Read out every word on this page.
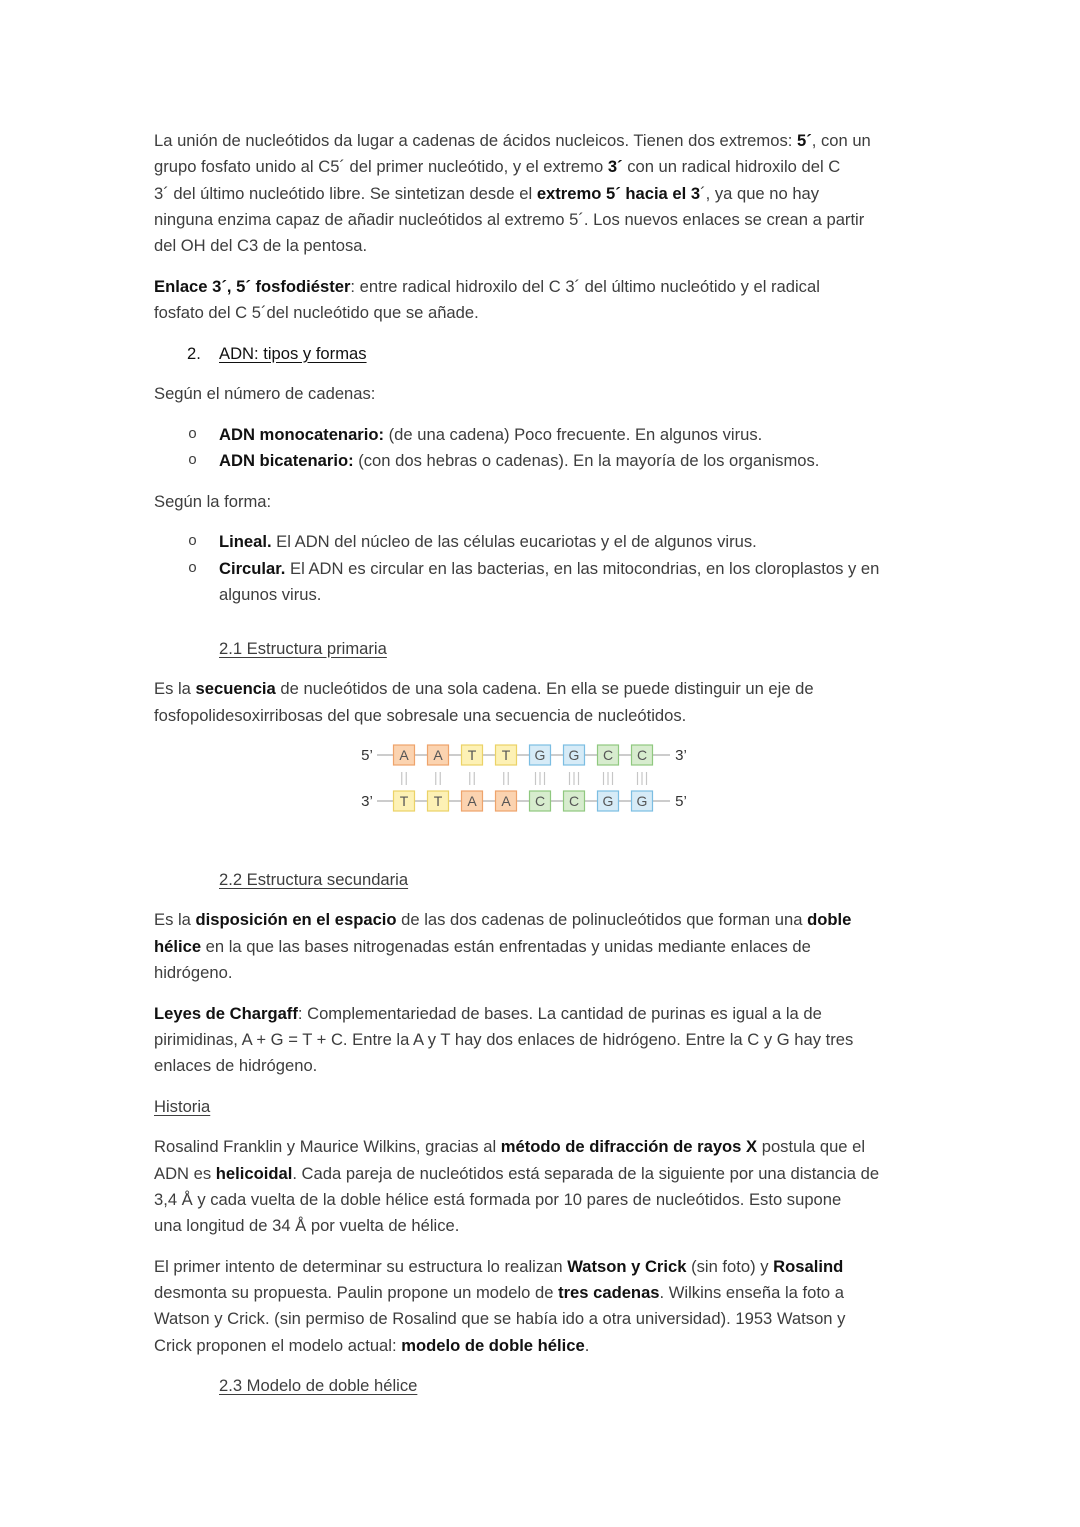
La unión de nucleótidos da lugar a cadenas de ácidos nucleicos. Tienen dos extremos: 5´, con un
grupo fosfato unido al C5´ del primer nucleótido, y el extremo 3´ con un radical hidroxilo del C
3´ del último nucleótido libre. Se sintetizan desde el extremo 5´ hacia el 3´, ya que no hay
ninguna enzima capaz de añadir nucleótidos al extremo 5´. Los nuevos enlaces se crean a partir
del OH del C3 de la pentosa.
Enlace 3´, 5´ fosfodiéster: entre radical hidroxilo del C 3´ del último nucleótido y el radical
fosfato del C 5´del nucleótido que se añade.
2. ADN: tipos y formas
Según el número de cadenas:
o ADN monocatenario: (de una cadena) Poco frecuente. En algunos virus.
o ADN bicatenario: (con dos hebras o cadenas). En la mayoría de los organismos.
Según la forma:
o Lineal. El ADN del núcleo de las células eucariotas y el de algunos virus.
o Circular. El ADN es circular en las bacterias, en las mitocondrias, en los cloroplastos y en
algunos virus.
2.1 Estructura primaria
Es la secuencia de nucleótidos de una sola cadena. En ella se puede distinguir un eje de
fosfopolidesoxirribosas del que sobresale una secuencia de nucleótidos.
5’	3’
A A T T G G C C
3’	5’
T T A A C C G G
2.2 Estructura secundaria
Es la disposición en el espacio de las dos cadenas de polinucleótidos que forman una doble
hélice en la que las bases nitrogenadas están enfrentadas y unidas mediante enlaces de
hidrógeno.
Leyes de Chargaff: Complementariedad de bases. La cantidad de purinas es igual a la de
pirimidinas, A + G = T + C. Entre la A y T hay dos enlaces de hidrógeno. Entre la C y G hay tres
enlaces de hidrógeno.
Historia
Rosalind Franklin y Maurice Wilkins, gracias al método de difracción de rayos X postula que el
ADN es helicoidal. Cada pareja de nucleótidos está separada de la siguiente por una distancia de
3,4 Å y cada vuelta de la doble hélice está formada por 10 pares de nucleótidos. Esto supone
una longitud de 34 Å por vuelta de hélice.
El primer intento de determinar su estructura lo realizan Watson y Crick (sin foto) y Rosalind
desmonta su propuesta. Paulin propone un modelo de tres cadenas. Wilkins enseña la foto a
Watson y Crick. (sin permiso de Rosalind que se había ido a otra universidad). 1953 Watson y
Crick proponen el modelo actual: modelo de doble hélice.
2.3 Modelo de doble hélice
